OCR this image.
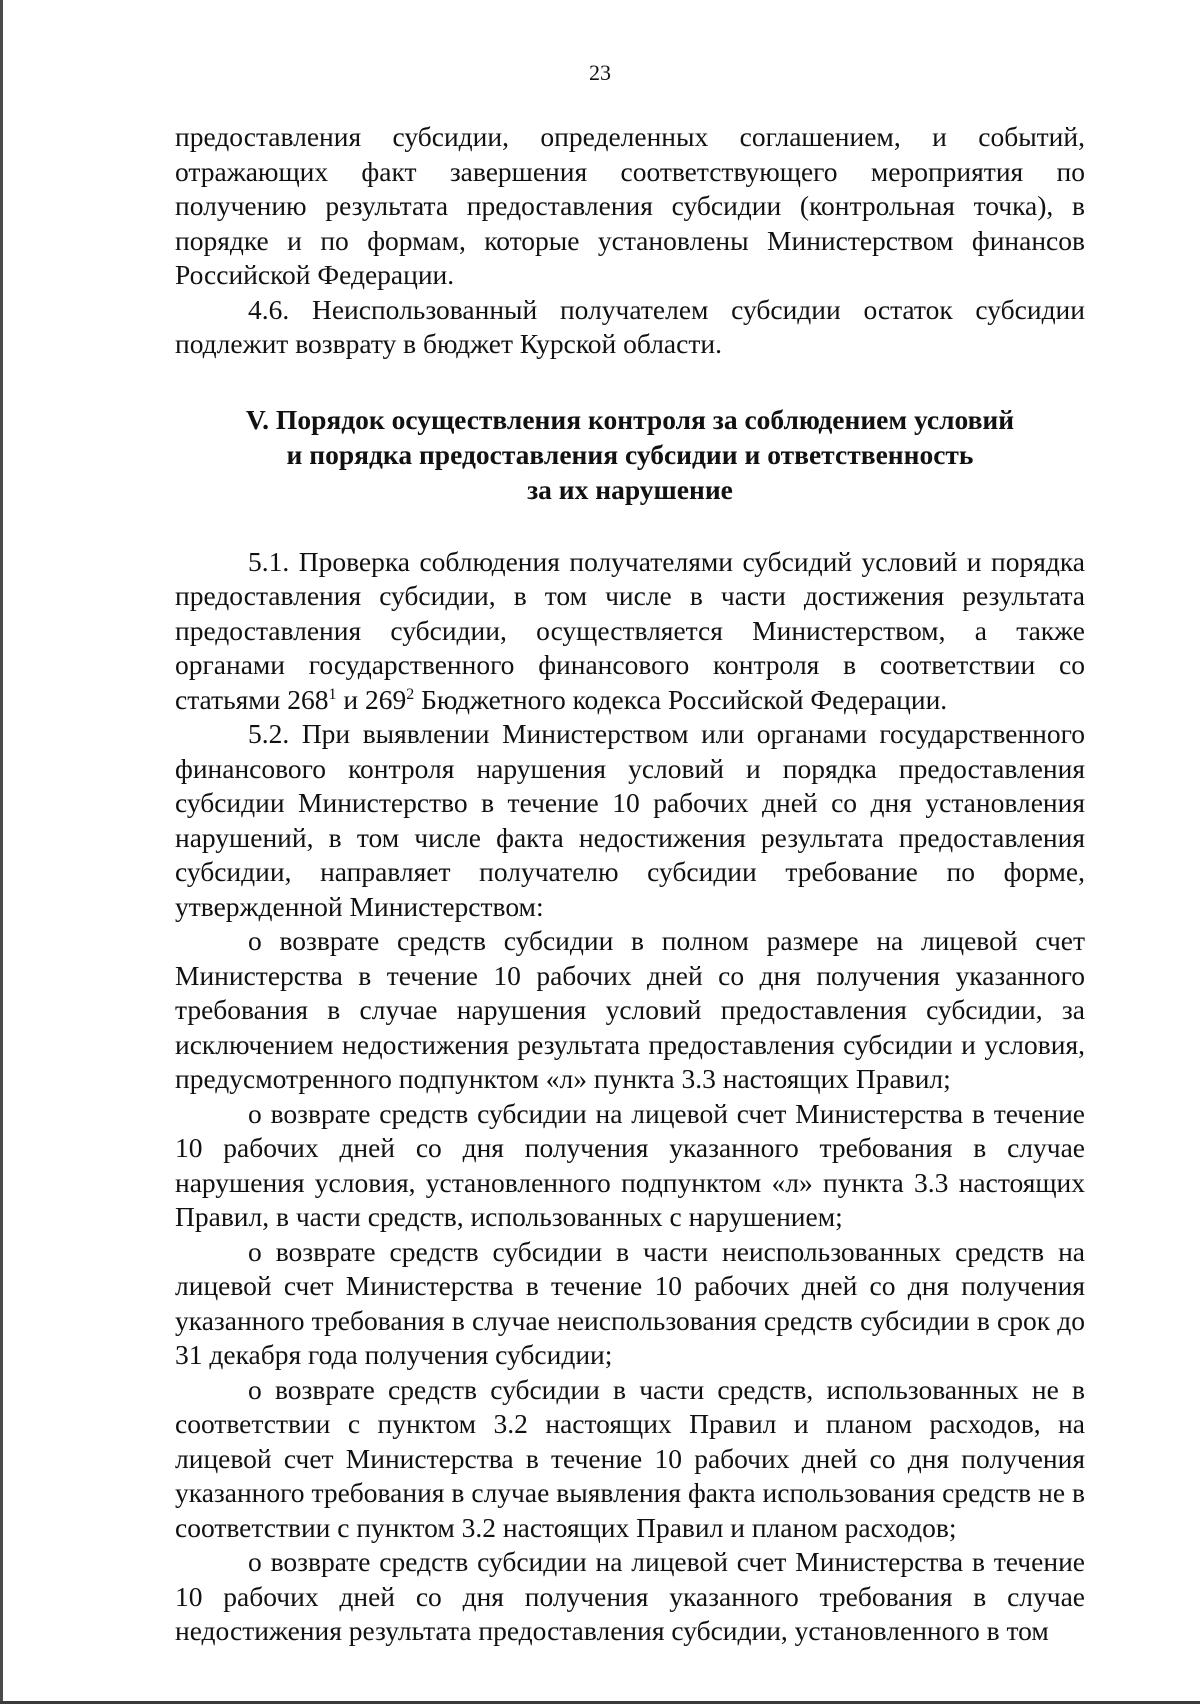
23

предоставления субсидии, определенных соглашением, и событий, отражающих факт завершения соответствующего мероприятия по получению результата предоставления субсидии (контрольная точка), в порядке и по формам, которые установлены Министерством финансов Российской Федерации.

4.6. Неиспользованный получателем субсидии остаток субсидии подлежит возврату в бюджет Курской области.

V. Порядок осуществления контроля за соблюдением условий
и порядка предоставления субсидии и ответственность
за их нарушение

5.1. Проверка соблюдения получателями субсидий условий и порядка предоставления субсидии, в том числе в части достижения результата предоставления субсидии, осуществляется Министерством, а также органами государственного финансового контроля в соответствии со статьями $268^1$ и $269^2$ Бюджетного кодекса Российской Федерации.

5.2. При выявлении Министерством или органами государственного финансового контроля нарушения условий и порядка предоставления субсидии Министерство в течение 10 рабочих дней со дня установления нарушений, в том числе факта недостижения результата предоставления субсидии, направляет получателю субсидии требование по форме, утвержденной Министерством:

о возврате средств субсидии в полном размере на лицевой счет Министерства в течение 10 рабочих дней со дня получения указанного требования в случае нарушения условий предоставления субсидии, за исключением недостижения результата предоставления субсидии и условия, предусмотренного подпунктом «л» пункта 3.3 настоящих Правил;

о возврате средств субсидии на лицевой счет Министерства в течение 10 рабочих дней со дня получения указанного требования в случае нарушения условия, установленного подпунктом «л» пункта 3.3 настоящих Правил, в части средств, использованных с нарушением;

о возврате средств субсидии в части неиспользованных средств на лицевой счет Министерства в течение 10 рабочих дней со дня получения указанного требования в случае неиспользования средств субсидии в срок до 31 декабря года получения субсидии;

о возврате средств субсидии в части средств, использованных не в соответствии с пунктом 3.2 настоящих Правил и планом расходов, на лицевой счет Министерства в течение 10 рабочих дней со дня получения указанного требования в случае выявления факта использования средств не в соответствии с пунктом 3.2 настоящих Правил и планом расходов;

о возврате средств субсидии на лицевой счет Министерства в течение 10 рабочих дней со дня получения указанного требования в случае недостижения результата предоставления субсидии, установленного в том
